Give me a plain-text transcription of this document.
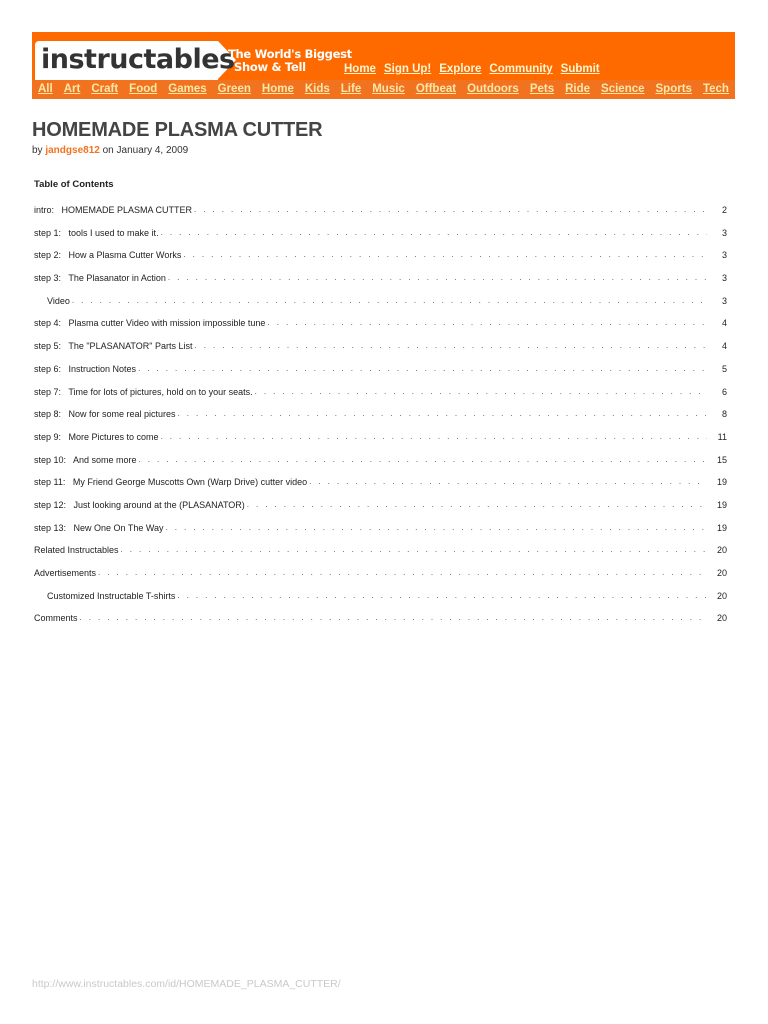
instructables
The World's Biggest
Show & Tell	Home Sign Up! Explore Community Submit
All Art Craft Food Games Green Home Kids Life Music Offbeat Outdoors Pets Ride Science Sports Tech
HOMEMADE PLASMA CUTTER
by jandgse812 on January 4, 2009
Table of Contents
intro:   HOMEMADE PLASMA CUTTER . . .	2
step 1:   tools I used to make it. . . .	3
step 2:   How a Plasma Cutter Works . . .	3
step 3:   The Plasanator in Action . . .	3
Video . . .	3
step 4:   Plasma cutter Video with mission impossible tune . . .	4
step 5:   The "PLASANATOR" Parts List . . .	4
step 6:   Instruction Notes . . .	5
step 7:   Time for lots of pictures, hold on to your seats. . . .	6
step 8:   Now for some real pictures . . .	8
step 9:   More Pictures to come . . .	11
step 10:   And some more . . .	15
step 11:   My Friend George Muscotts Own (Warp Drive) cutter video . . .	19
step 12:   Just looking around at the (PLASANATOR) . . .	19
step 13:   New One On The Way . . .	19
Related Instructables . . .	20
Advertisements . . .	20
Customized Instructable T-shirts . . .	20
Comments . . .	20
http://www.instructables.com/id/HOMEMADE_PLASMA_CUTTER/
